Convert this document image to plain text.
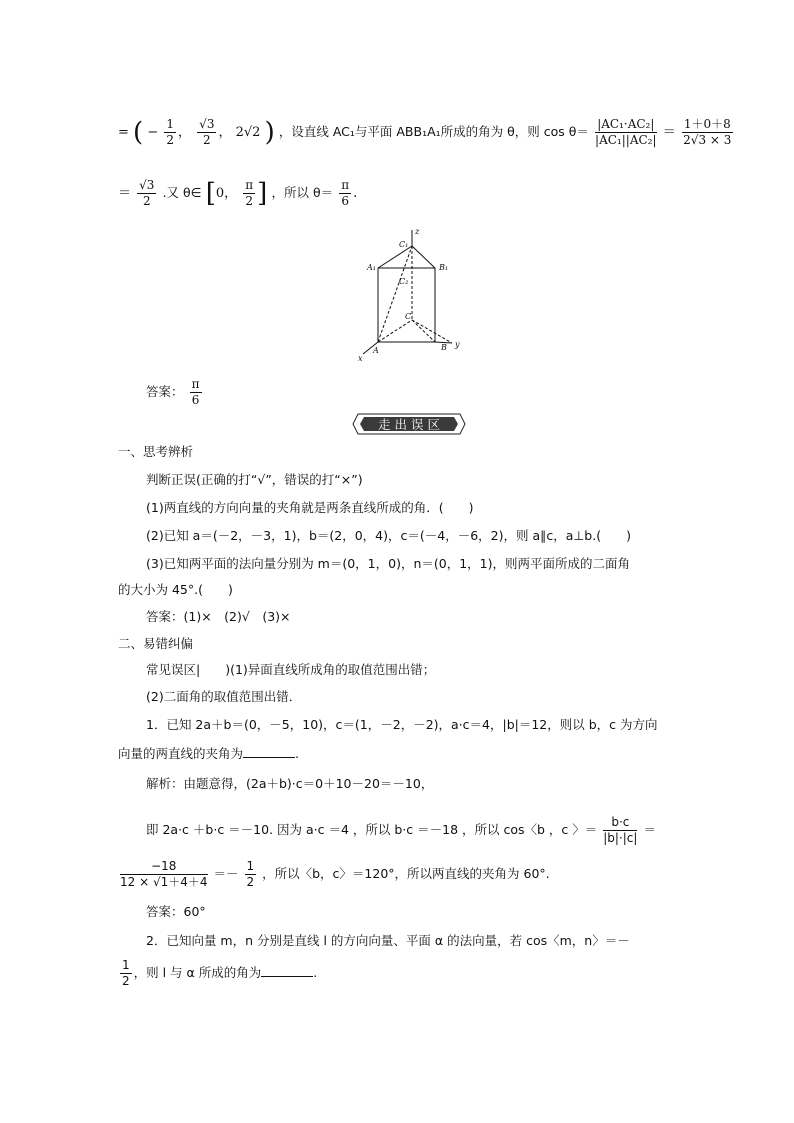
= ( − $\frac{1}{2}$ ， $\frac{√3}{2}$ ， 2√2 ) ，设直线 AC₁与平面 ABB₁A₁所成的角为 θ，则 $\cos \theta= \frac{\text{|AC₁·AC₂|}}{\text{|AC₁||AC₂|}} = \frac{1+0+8}{2√3 \times 3}$
＝ $\frac{√3}{2}$ .又 θ∈ [0， $\frac{\pi}{2}$ ] ，所以 $\theta= \frac{\pi}{6}$ .
z
C₁
A₁	B₁
C₂
C
A	B
x
y
答案： $\frac{\pi}{6}$
走 出 误 区
一、思考辨析
判断正误(正确的打“√”，错误的打“×”)
(1)两直线的方向向量的夹角就是两条直线所成的角．(　　)
(2)已知 a＝(－2，－3，1)，b＝(2，0，4)，c＝(－4，－6，2)，则 a∥c，a⊥b.(　　)
(3)已知两平面的法向量分别为 m＝(0，1，0)，n＝(0，1，1)，则两平面所成的二面角
的大小为 45°.(　　)
答案：(1)×　(2)√　(3)×
二、易错纠偏
常见误区|　　)(1)异面直线所成角的取值范围出错；
(2)二面角的取值范围出错．
1．已知 2a＋b＝(0，－5，10)，c＝(1，－2，－2)，a·c＝4，|b|＝12，则以 b，c 为方向
向量的两直线的夹角为	.
解析：由题意得，(2a＋b)·c＝0＋10－20＝－10，
即 2a·c ＋b·c ＝－10. 因为 a·c ＝4 ，所以 b·c ＝－18 ，所以 cos〈b ，c 〉＝ $\frac{b\cdot c}{|b|\cdot|c|}$ ＝
$\frac{-18}{12 \times √1+4+4} =- \frac{1}{2}$ ，所以〈b，c〉＝120°，所以两直线的夹角为 60°.
答案：60°
2．已知向量 m，n 分别是直线 l 的方向向量、平面 α 的法向量，若 cos〈m，n〉＝－
$\frac{1}{2}$ ，则 l 与 α 所成的角为	.
